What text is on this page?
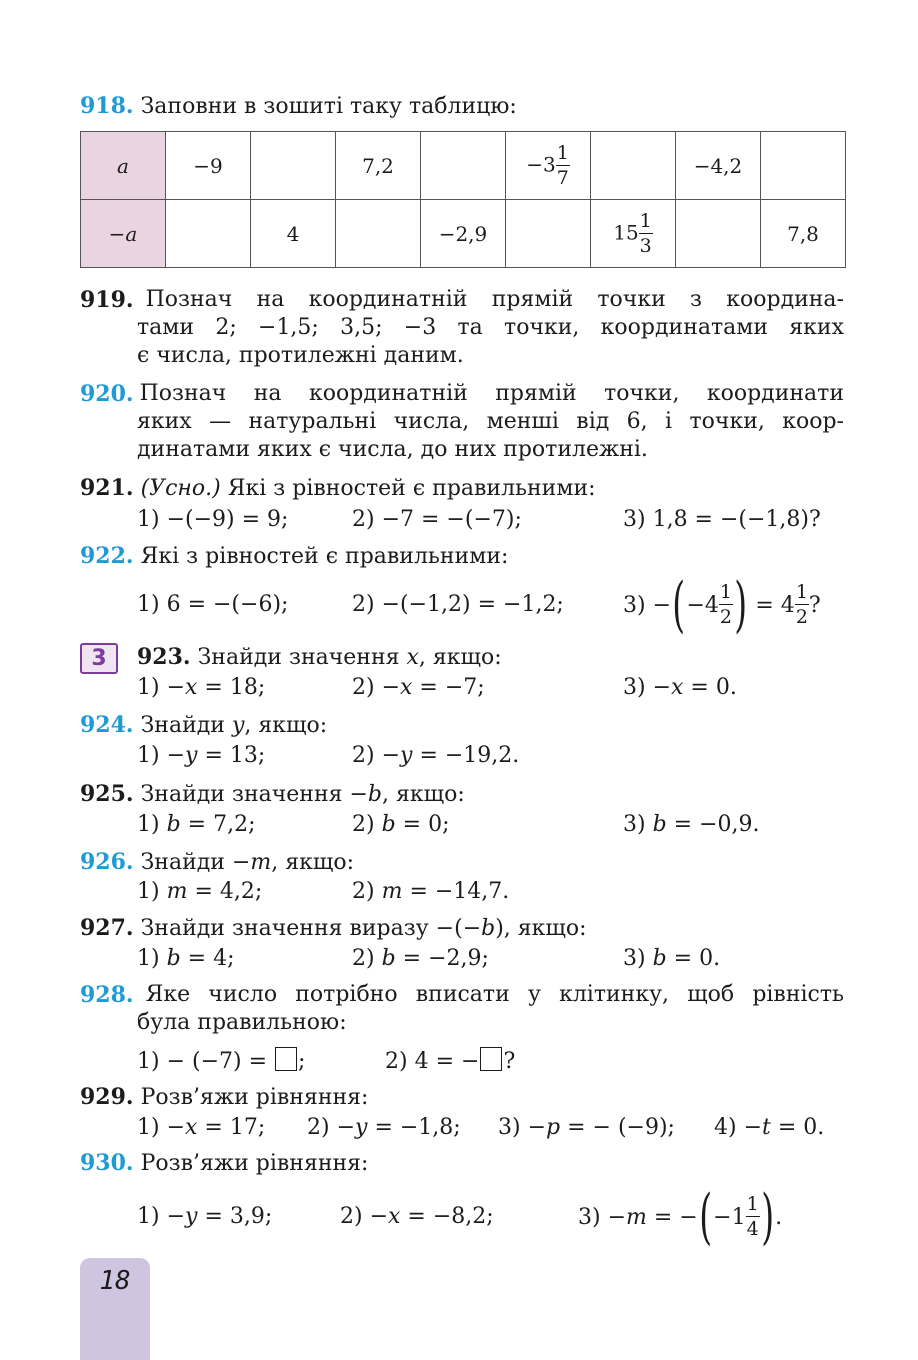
918. Заповни в зошиті таку таблицю:
a	−9		7,2		$-3 \frac{1}{7}$		−4,2	
−a		4		−2,9		$15 \frac{1}{3}$		7,8
919. Познач на координатній прямій точки з координа-
тами 2; −1,5; 3,5; −3 та точки, координатами яких
є числа, протилежні даним.
920. Познач на координатній прямій точки, координати
яких — натуральні числа, менші від 6, і точки, коор-
динатами яких є числа, до них протилежні.
921. (Усно.) Які з рівностей є правильними:
1) −(−9) = 9;	2) −7 = −(−7);	3) 1,8 = −(−1,8)?
922. Які з рівностей є правильними:
1) 6 = −(−6);	2) −(−1,2) = −1,2;	3) − ( $-4 \frac{1}{2}$ ) = $4 \frac{1}{2}$ ?
3	923. Знайди значення x, якщо:
1) −x = 18;	2) −x = −7;	3) −x = 0.
924. Знайди y, якщо:
1) −y = 13;	2) −y = −19,2.
925. Знайди значення −b, якщо:
1) b = 7,2;	2) b = 0;	3) b = −0,9.
926. Знайди −m, якщо:
1) m = 4,2;	2) m = −14,7.
927. Знайди значення виразу −(−b), якщо:
1) b = 4;	2) b = −2,9;	3) b = 0.
928. Яке число потрібно вписати у клітинку, щоб рівність
була правильною:
1) − (−7) = ;	2) 4 = − ?
929. Розв’яжи рівняння:
1) −x = 17; 2) −y = −1,8; 3) −p = − (−9); 4) −t = 0.
930. Розв’яжи рівняння:
1) −y = 3,9;	2) −x = −8,2;	3) − m = − ( $-1 \frac{1}{4}$ ) .
18
